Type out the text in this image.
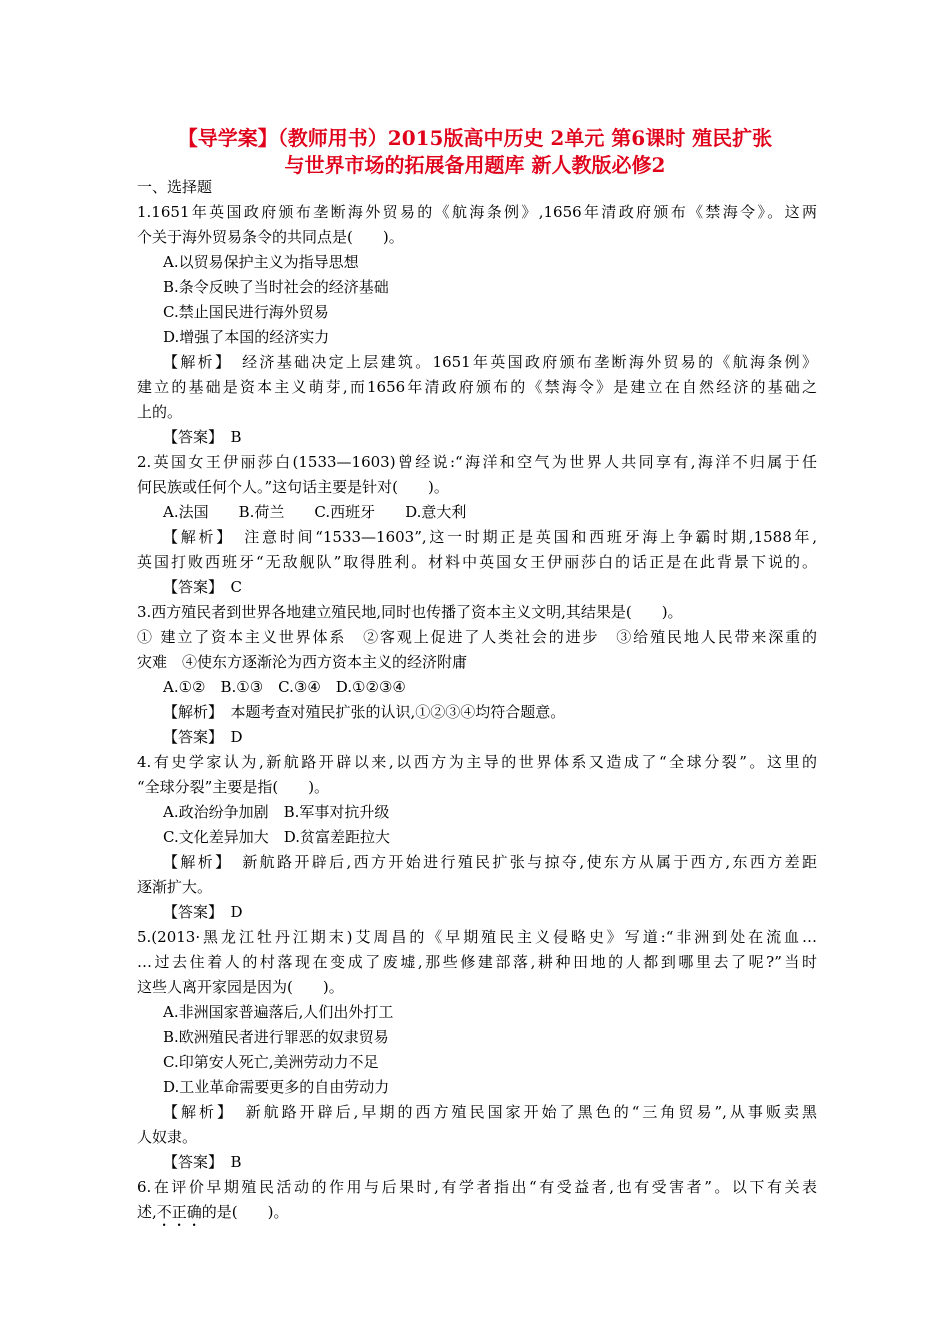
【导学案】（教师用书）2015版高中历史 2单元 第6课时 殖民扩张
与世界市场的拓展备用题库 新人教版必修2
一、选择题
1.1651年英国政府颁布垄断海外贸易的《航海条例》,1656年清政府颁布《禁海令》。这两
个关于海外贸易条令的共同点是(　　)。
A.以贸易保护主义为指导思想
B.条令反映了当时社会的经济基础
C.禁止国民进行海外贸易
D.增强了本国的经济实力
【解析】　经济基础决定上层建筑。1651年英国政府颁布垄断海外贸易的《航海条例》
建立的基础是资本主义萌芽,而1656年清政府颁布的《禁海令》是建立在自然经济的基础之
上的。
【答案】　B
2.英国女王伊丽莎白(1533—1603)曾经说:“海洋和空气为世界人共同享有,海洋不归属于任
何民族或任何个人。”这句话主要是针对(　　)。
A.法国　　B.荷兰　　C.西班牙　　D.意大利
【解析】　注意时间“1533—1603”,这一时期正是英国和西班牙海上争霸时期,1588年,
英国打败西班牙“无敌舰队”取得胜利。材料中英国女王伊丽莎白的话正是在此背景下说的。
【答案】　C
3.西方殖民者到世界各地建立殖民地,同时也传播了资本主义文明,其结果是(　　)。
① 建立了资本主义世界体系　②客观上促进了人类社会的进步　③给殖民地人民带来深重的
灾难　④使东方逐渐沦为西方资本主义的经济附庸
A.①②　B.①③　C.③④　D.①②③④
【解析】　本题考查对殖民扩张的认识,①②③④均符合题意。
【答案】　D
4.有史学家认为,新航路开辟以来,以西方为主导的世界体系又造成了“全球分裂”。这里的
“全球分裂”主要是指(　　)。
A.政治纷争加剧　B.军事对抗升级
C.文化差异加大　D.贫富差距拉大
【解析】　新航路开辟后,西方开始进行殖民扩张与掠夺,使东方从属于西方,东西方差距
逐渐扩大。
【答案】　D
5.(2013·黑龙江牡丹江期末)艾周昌的《早期殖民主义侵略史》写道:“非洲到处在流血…
…过去住着人的村落现在变成了废墟,那些修建部落,耕种田地的人都到哪里去了呢?”当时
这些人离开家园是因为(　　)。
A.非洲国家普遍落后,人们出外打工
B.欧洲殖民者进行罪恶的奴隶贸易
C.印第安人死亡,美洲劳动力不足
D.工业革命需要更多的自由劳动力
【解析】　新航路开辟后,早期的西方殖民国家开始了黑色的“三角贸易”,从事贩卖黑
人奴隶。
【答案】　B
6.在评价早期殖民活动的作用与后果时,有学者指出“有受益者,也有受害者”。以下有关表
述,不正确的是(　　)。
